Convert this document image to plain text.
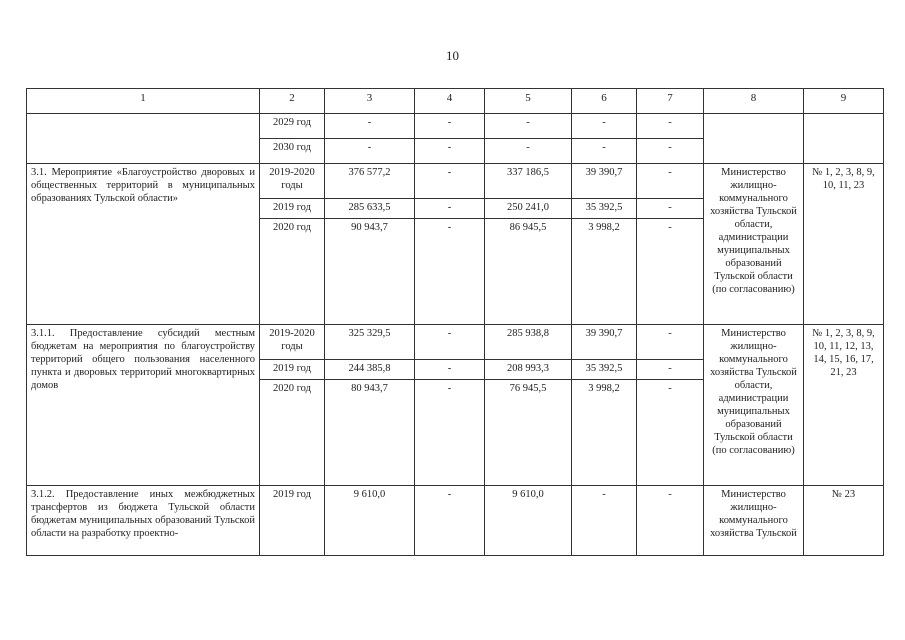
10
1	2	3	4	5	6	7	8	9
	2029 год	-	-	-	-	-		
	2030 год	-	-	-	-	-		
3.1. Мероприятие «Благоустройство дворовых и общественных территорий в муниципальных образованиях Тульской области»	2019-2020 годы	376 577,2	-	337 186,5	39 390,7	-	Министерство жилищно-коммунального хозяйства Тульской области, администрации муниципальных образований Тульской области (по согласованию)	№ 1, 2, 3, 8, 9, 10, 11, 23
	2019 год	285 633,5	-	250 241,0	35 392,5	-		
	2020 год	90 943,7	-	86 945,5	3 998,2	-		
3.1.1. Предоставление субсидий местным бюджетам на мероприятия по благоустройству территорий общего пользования населенного пункта и дворовых территорий многоквартирных домов	2019-2020 годы	325 329,5	-	285 938,8	39 390,7	-	Министерство жилищно-коммунального хозяйства Тульской области, администрации муниципальных образований Тульской области (по согласованию)	№ 1, 2, 3, 8, 9, 10, 11, 12, 13, 14, 15, 16, 17, 21, 23
	2019 год	244 385,8	-	208 993,3	35 392,5	-		
	2020 год	80 943,7	-	76 945,5	3 998,2	-		
3.1.2. Предоставление иных межбюджетных трансфертов из бюджета Тульской области бюджетам муниципальных образований Тульской области на разработку проектно-	2019 год	9 610,0	-	9 610,0	-	-	Министерство жилищно-коммунального хозяйства Тульской	№ 23
